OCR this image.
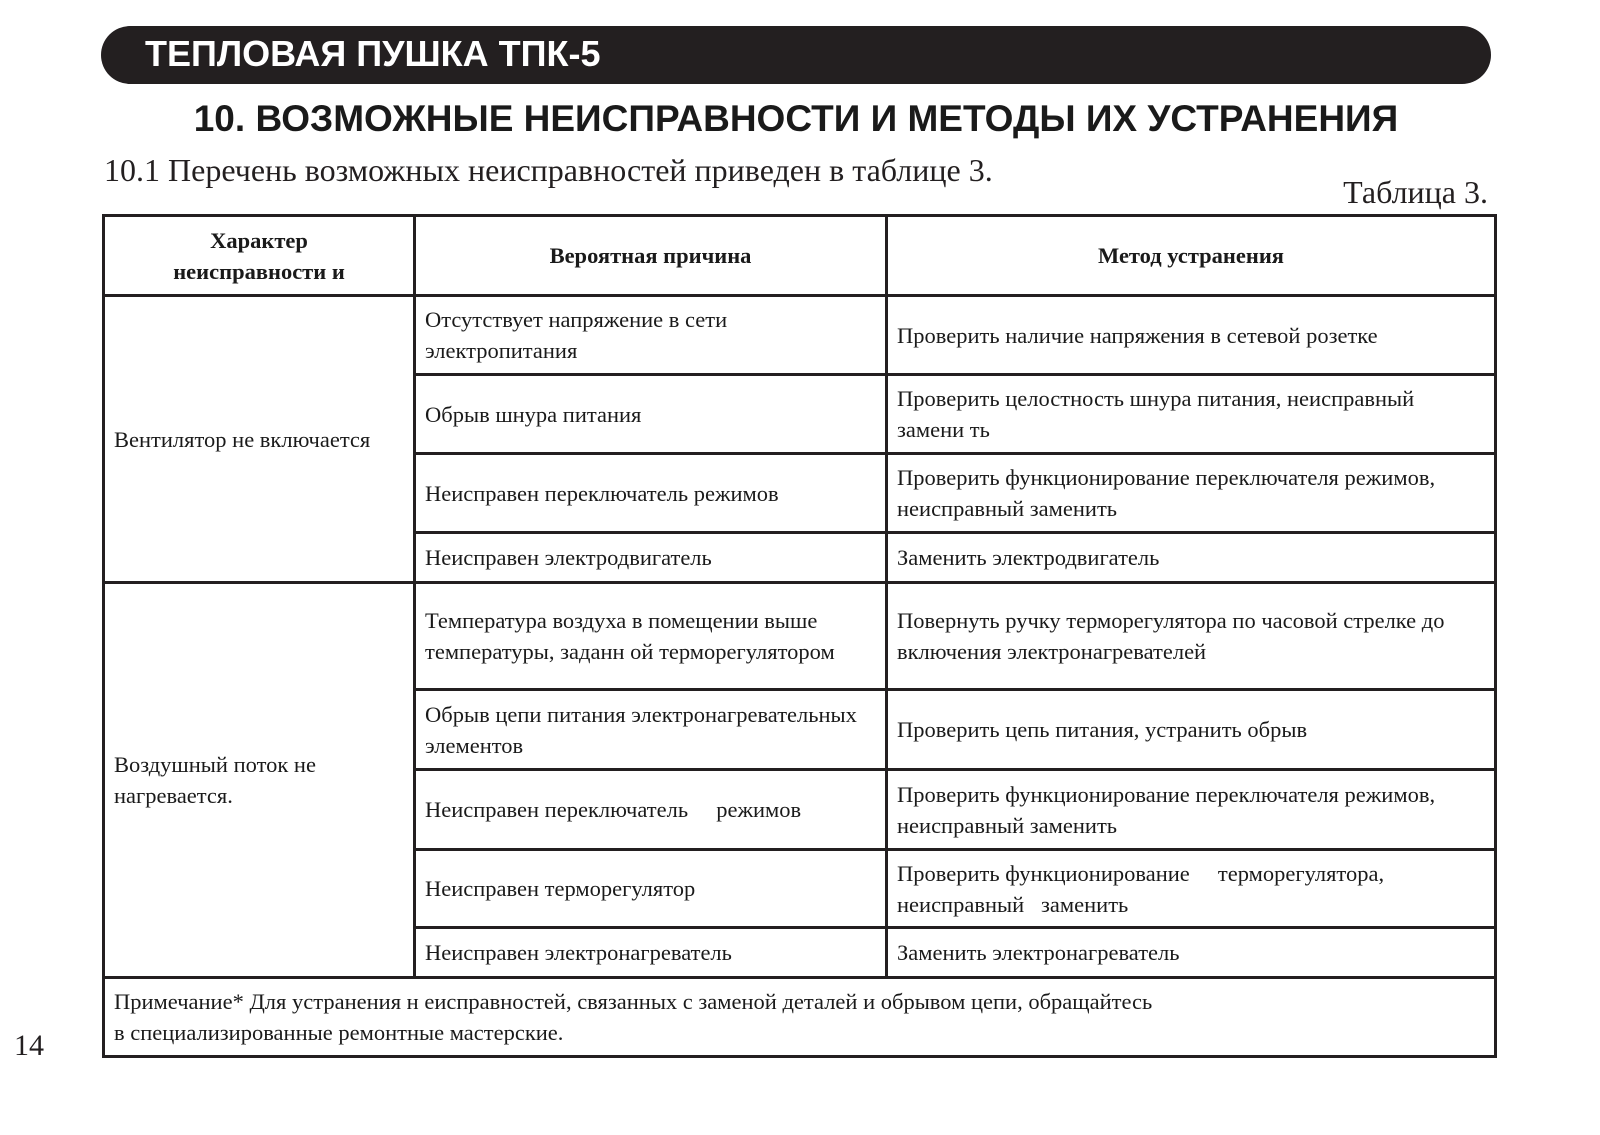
ТЕПЛОВАЯ ПУШКА ТПК-5
10. ВОЗМОЖНЫЕ НЕИСПРАВНОСТИ И МЕТОДЫ ИХ УСТРАНЕНИЯ
10.1 Перечень возможных неисправностей приведен в таблице 3.
Таблица 3.
Характер неисправности и	Вероятная причина	Метод устранения
Вентилятор не включается	Отсутствует напряжение в сети электропитания	Проверить наличие напряжения в сетевой розетке
	Обрыв шнура питания	Проверить целостность шнура питания, неисправный замени ть
	Неисправен переключатель режимов	Проверить функционирование переключателя режимов, неисправный заменить
	Неисправен электродвигатель	Заменить электродвигатель
Воздушный поток не нагревается.	Температура воздуха в помещении выше температуры, заданн ой терморегулятором	Повернуть ручку терморегулятора по часовой стрелке до включения электронагревателей
	Обрыв цепи питания электронагревательных элементов	Проверить цепь питания, устранить обрыв
	Неисправен переключатель     режимов	Проверить функционирование переключателя режимов,   неисправный заменить
	Неисправен терморегулятор	Проверить функционирование     терморегулятора, неисправный   заменить
	Неисправен электронагреватель	Заменить электронагреватель
Примечание* Для устранения н еисправностей, связанных с заменой деталей и обрывом цепи, обращайтесь в специализированные ремонтные мастерские.		
14
